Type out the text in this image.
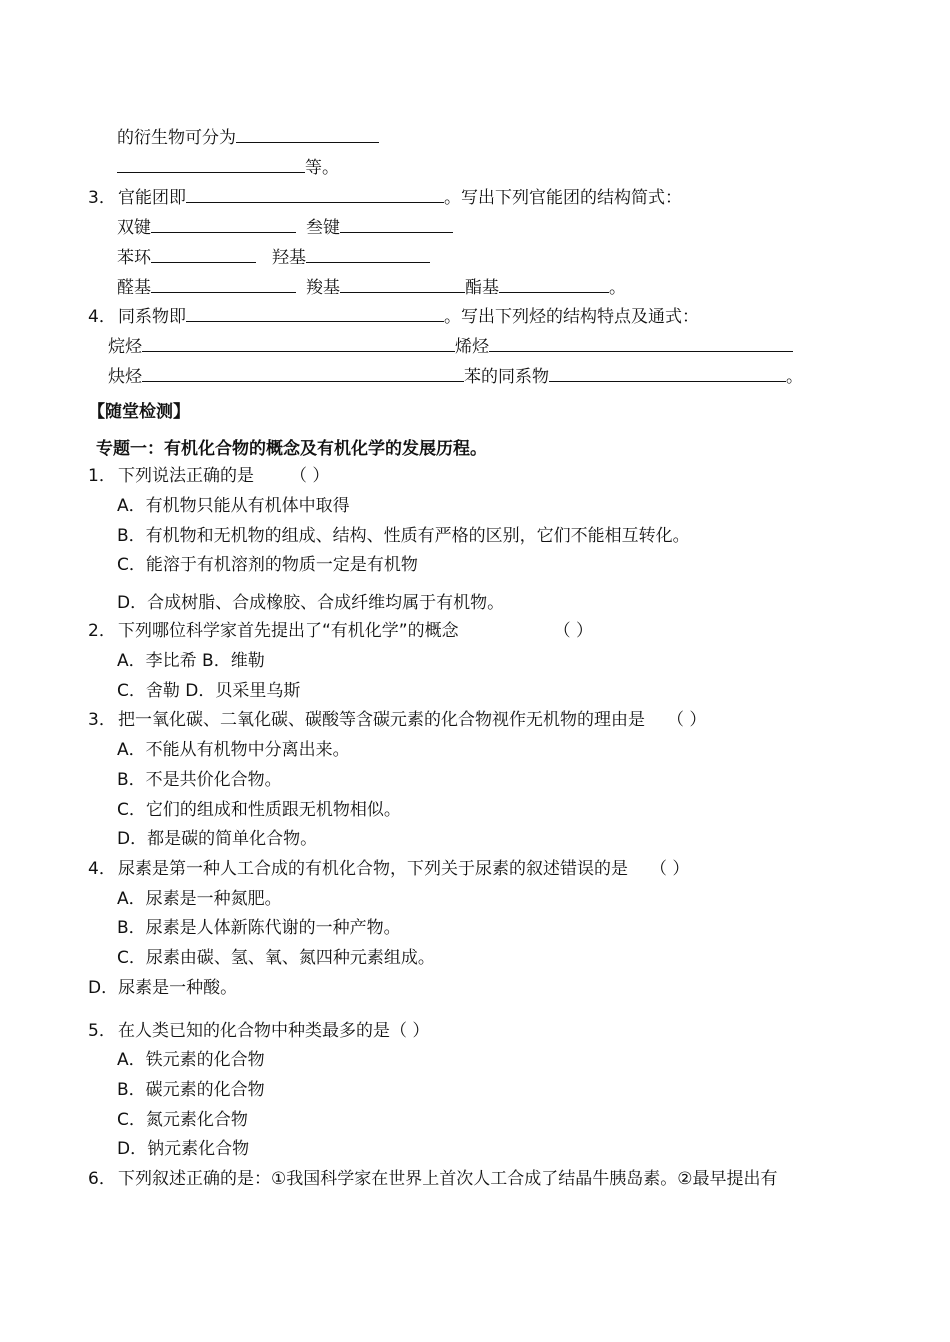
的衍生物可分为
等。
3． 官能团即	。写出下列官能团的结构简式：
双键	叁键
苯环	羟基
醛基	羧基	酯基	。
4． 同系物即	。写出下列烃的结构特点及通式：
烷烃	烯烃
炔烃	苯的同系物	。
【随堂检测】
专题一：有机化合物的概念及有机化学的发展历程。
1． 下列说法正确的是 （ ）
A．有机物只能从有机体中取得
B．有机物和无机物的组成、结构、性质有严格的区别，它们不能相互转化。
C．能溶于有机溶剂的物质一定是有机物
D．合成树脂、合成橡胶、合成纤维均属于有机物。
2． 下列哪位科学家首先提出了“有机化学”的概念	（ ）
A．李比希 B．维勒
C．舍勒 D．贝采里乌斯
3． 把一氧化碳、二氧化碳、碳酸等含碳元素的化合物视作无机物的理由是 （ ）
A．不能从有机物中分离出来。
B．不是共价化合物。
C．它们的组成和性质跟无机物相似。
D．都是碳的简单化合物。
4． 尿素是第一种人工合成的有机化合物，下列关于尿素的叙述错误的是 （ ）
A．尿素是一种氮肥。
B．尿素是人体新陈代谢的一种产物。
C．尿素由碳、氢、氧、氮四种元素组成。
D．尿素是一种酸。
5． 在人类已知的化合物中种类最多的是（ ）
A．铁元素的化合物
B．碳元素的化合物
C．氮元素化合物
D．钠元素化合物
6． 下列叙述正确的是：①我国科学家在世界上首次人工合成了结晶牛胰岛素。②最早提出有
